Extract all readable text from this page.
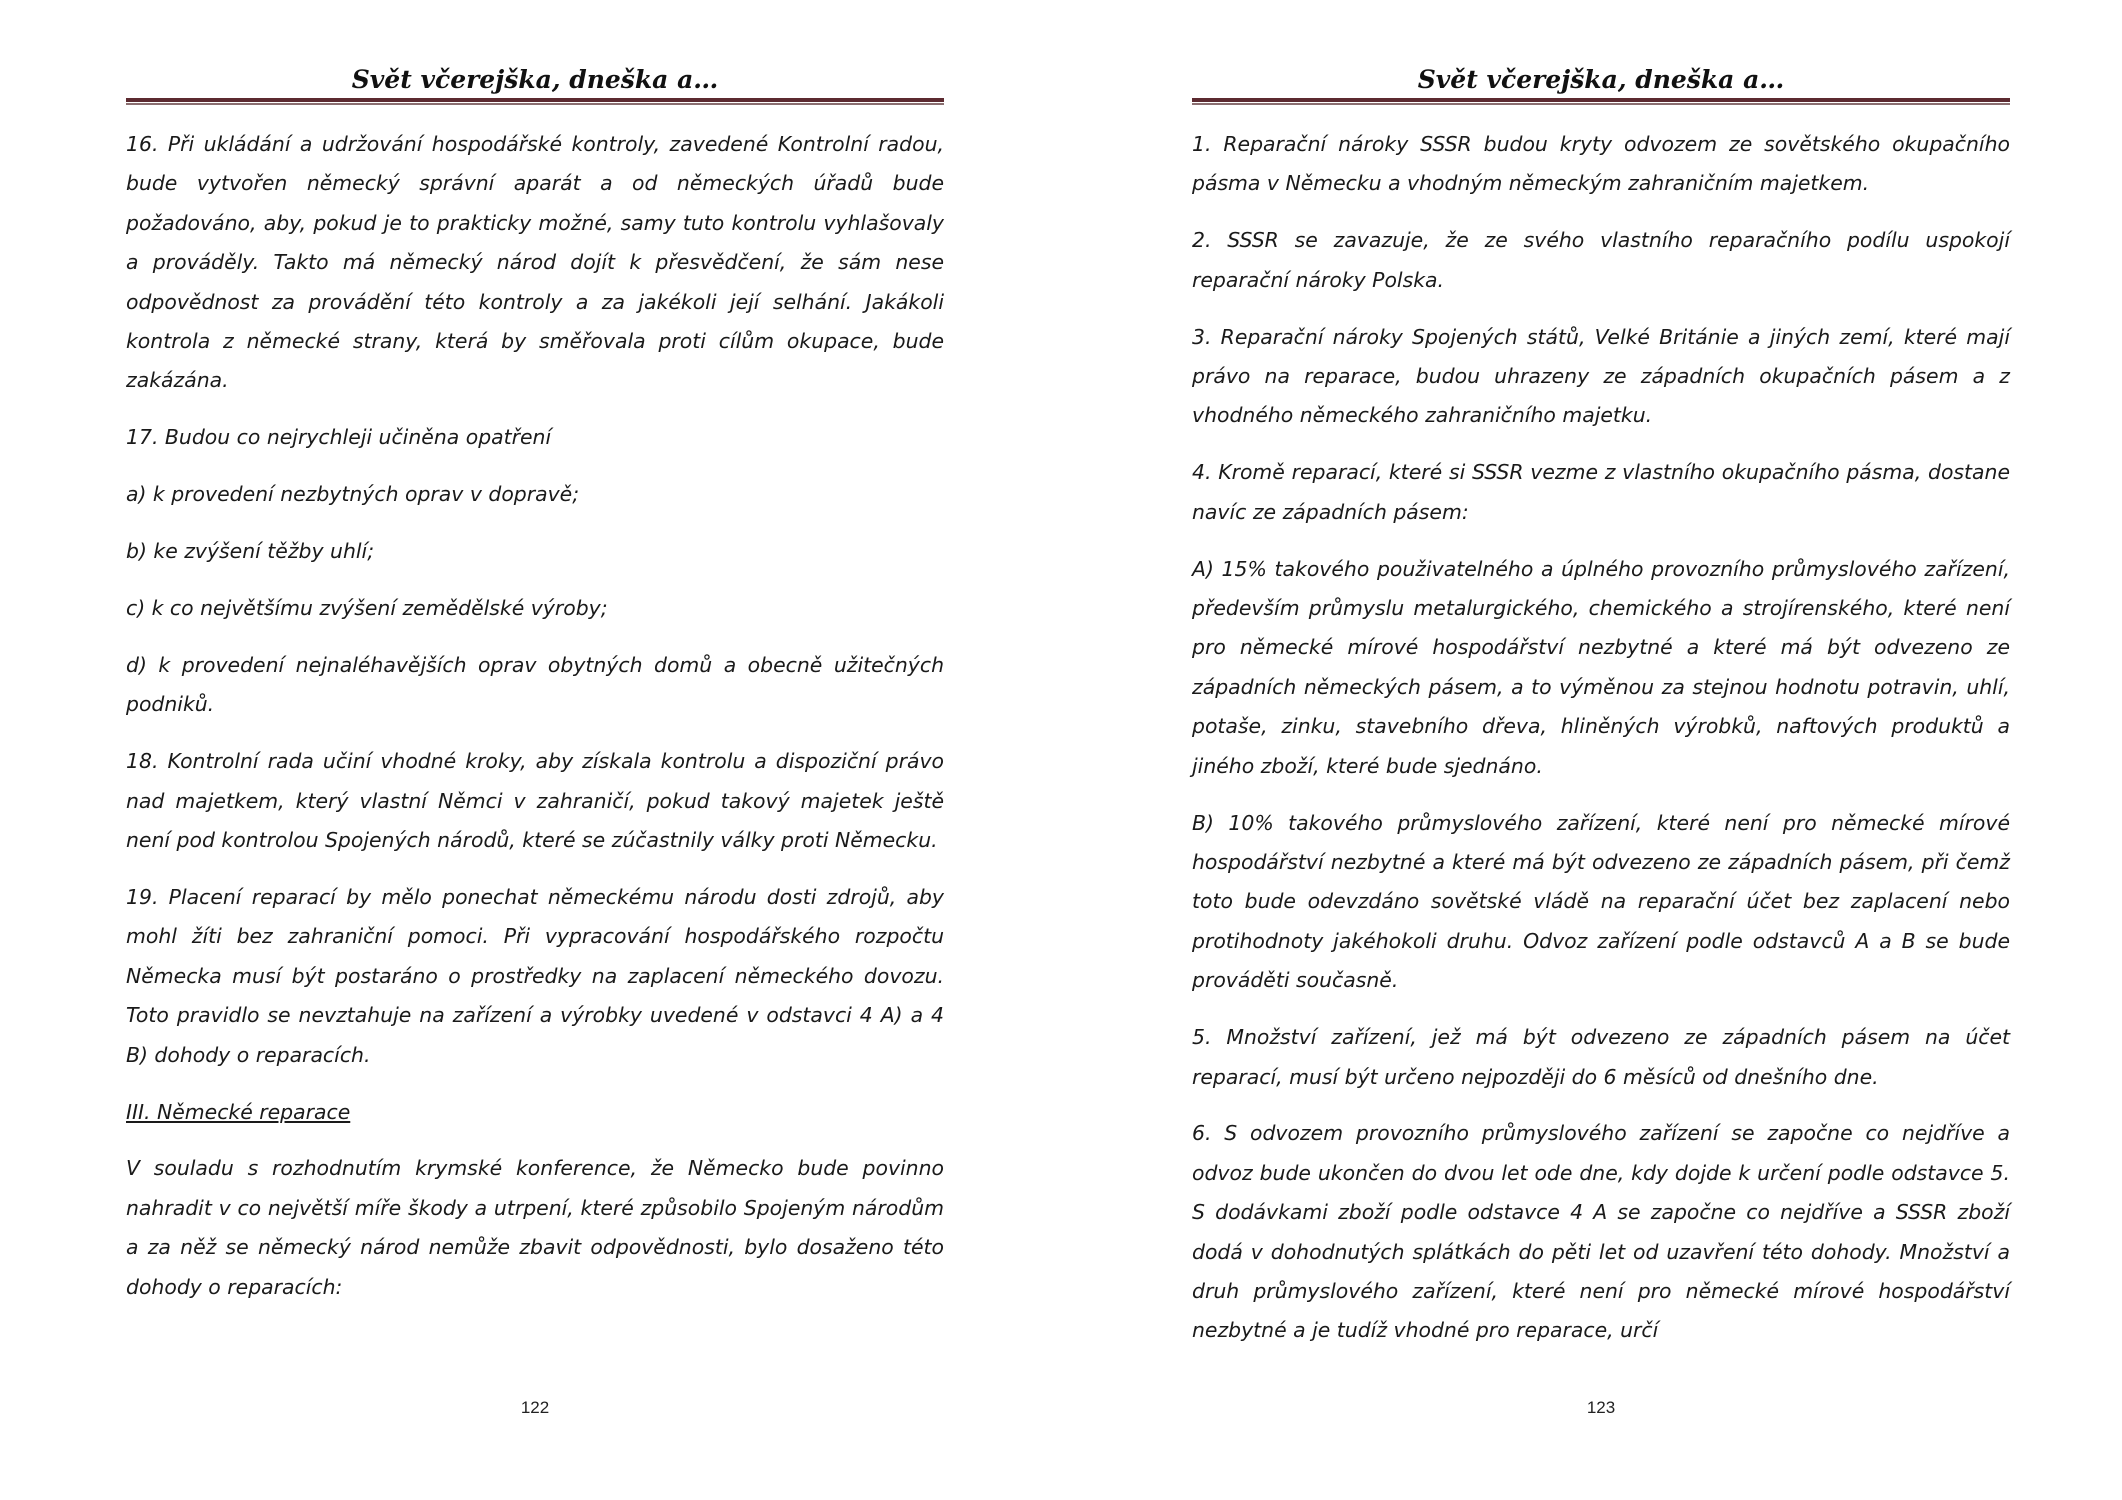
Svět včerejška, dneška a…

16. Při ukládání a udržování hospodářské kontroly, zavedené Kontrolní radou, bude vytvořen německý správní aparát a od německých úřadů bude požadováno, aby, pokud je to prakticky možné, samy tuto kontrolu vyhlašovaly a prováděly. Takto má německý národ dojít k přesvědčení, že sám nese odpovědnost za provádění této kontroly a za jakékoli její selhání. Jakákoli kontrola z německé strany, která by směřovala proti cílům okupace, bude zakázána.

17. Budou co nejrychleji učiněna opatření

a) k provedení nezbytných oprav v dopravě;

b) ke zvýšení těžby uhlí;

c) k co největšímu zvýšení zemědělské výroby;

d) k provedení nejnaléhavějších oprav obytných domů a obecně užitečných podniků.

18. Kontrolní rada učiní vhodné kroky, aby získala kontrolu a dispoziční právo nad majetkem, který vlastní Němci v zahraničí, pokud takový majetek ještě není pod kontrolou Spojených národů, které se zúčastnily války proti Německu.

19. Placení reparací by mělo ponechat německému národu dosti zdrojů, aby mohl žíti bez zahraniční pomoci. Při vypracování hospodářského rozpočtu Německa musí být postaráno o prostředky na zaplacení německého dovozu. Toto pravidlo se nevztahuje na zařízení a výrobky uvedené v odstavci 4 A) a 4 B) dohody o reparacích.

III. Německé reparace

V souladu s rozhodnutím krymské konference, že Německo bude povinno nahradit v co největší míře škody a utrpení, které způsobilo Spojeným národům a za něž se německý národ nemůže zbavit odpovědnosti, bylo dosaženo této dohody o reparacích:

122
Svět včerejška, dneška a…

1. Reparační nároky SSSR budou kryty odvozem ze sovětského okupačního pásma v Německu a vhodným německým zahraničním majetkem.

2. SSSR se zavazuje, že ze svého vlastního reparačního podílu uspokojí reparační nároky Polska.

3. Reparační nároky Spojených států, Velké Británie a jiných zemí, které mají právo na reparace, budou uhrazeny ze západních okupačních pásem a z vhodného německého zahraničního majetku.

4. Kromě reparací, které si SSSR vezme z vlastního okupačního pásma, dostane navíc ze západních pásem:

A) 15% takového použivatelného a úplného provozního průmyslového zařízení, především průmyslu metalurgického, chemického a strojírenského, které není pro německé mírové hospodářství nezbytné a které má být odvezeno ze západních německých pásem, a to výměnou za stejnou hodnotu potravin, uhlí, potaše, zinku, stavebního dřeva, hliněných výrobků, naftových produktů a jiného zboží, které bude sjednáno.

B) 10% takového průmyslového zařízení, které není pro německé mírové hospodářství nezbytné a které má být odvezeno ze západních pásem, při čemž toto bude odevzdáno sovětské vládě na reparační účet bez zaplacení nebo protihodnoty jakéhokoli druhu. Odvoz zařízení podle odstavců A a B se bude prováděti současně.

5. Množství zařízení, jež má být odvezeno ze západních pásem na účet reparací, musí být určeno nejpozději do 6 měsíců od dnešního dne.

6. S odvozem provozního průmyslového zařízení se započne co nejdříve a odvoz bude ukončen do dvou let ode dne, kdy dojde k určení podle odstavce 5. S dodávkami zboží podle odstavce 4 A se započne co nejdříve a SSSR zboží dodá v dohodnutých splátkách do pěti let od uzavření této dohody. Množství a druh průmyslového zařízení, které není pro německé mírové hospodářství nezbytné a je tudíž vhodné pro reparace, určí

123
